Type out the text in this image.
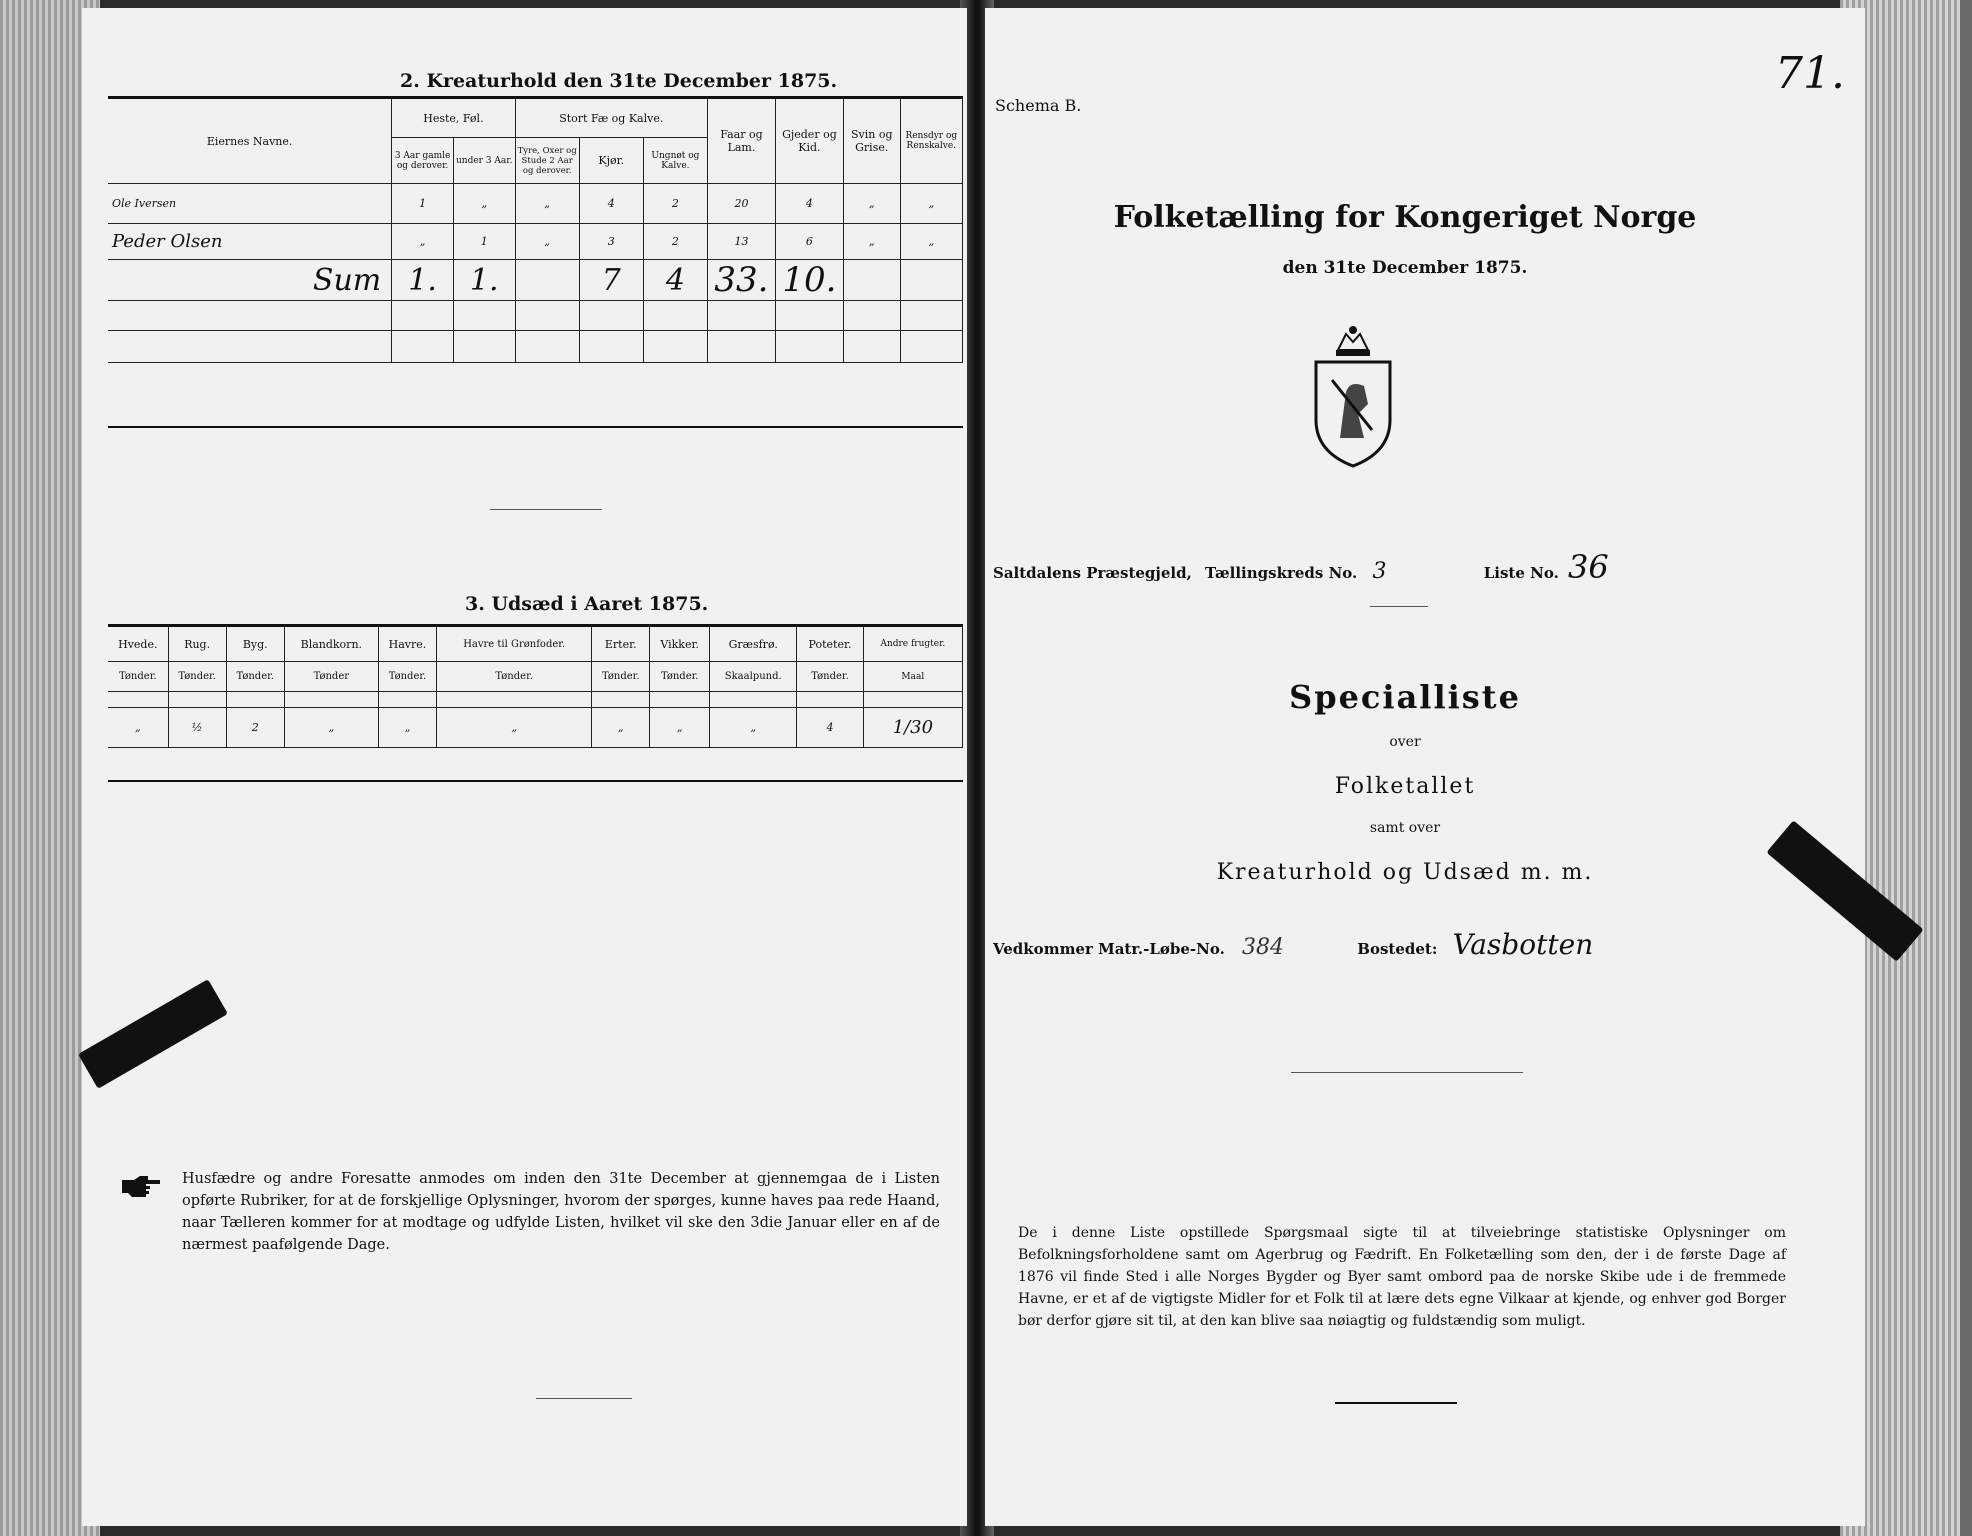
2. Kreaturhold den 31te December 1875.
Eiernes Navne.	Heste, Føl.		Stort Fæ og Kalve.			Faar og Lam.	Gjeder og Kid.	Svin og Grise.	Rensdyr og Renskalve.
	3 Aar gamle og derover.	under 3 Aar.	Tyre, Oxer og Stude 2 Aar og derover.	Kjør.	Ungnøt og Kalve.				
Ole Iversen	1	„	„	4	2	20	4	„	„
Peder Olsen	„	1	„	3	2	13	6	„	„
Sum	1.	1.		7	4	33.	10.		

3. Udsæd i Aaret 1875.
Hvede.	Rug.	Byg.	Blandkorn.	Havre.	Havre til Grønfoder.	Erter.	Vikker.	Græsfrø.	Poteter.	Andre frugter.
Tønder.	Tønder.	Tønder.	Tønder	Tønder.	Tønder.	Tønder.	Tønder.	Skaalpund.	Tønder.	Maal

„	½	2	„	„	„	„	„	„	4	1/30
Husfædre og andre Foresatte anmodes om inden den 31te December at gjennemgaa de i Listen opførte Rubriker, for at de forskjellige Oplysninger, hvorom der spørges, kunne haves paa rede Haand, naar Tælleren kommer for at modtage og udfylde Listen, hvilket vil ske den 3die Januar eller en af de nærmest paafølgende Dage.
Schema B.
71.
Folketælling for Kongeriget Norge
den 31te December 1875.
Saltdalens Præstegjeld, Tællingskreds No. 3	Liste No. 36
Specialliste
over
Folketallet
samt over
Kreaturhold og Udsæd m. m.
Vedkommer Matr.-Løbe-No. 384	Bostedet: Vasbotten
De i denne Liste opstillede Spørgsmaal sigte til at tilveiebringe statistiske Oplysninger om Befolkningsforholdene samt om Agerbrug og Fædrift. En Folketælling som den, der i de første Dage af 1876 vil finde Sted i alle Norges Bygder og Byer samt ombord paa de norske Skibe ude i de fremmede Havne, er et af de vigtigste Midler for et Folk til at lære dets egne Vilkaar at kjende, og enhver god Borger bør derfor gjøre sit til, at den kan blive saa nøiagtig og fuldstændig som muligt.
